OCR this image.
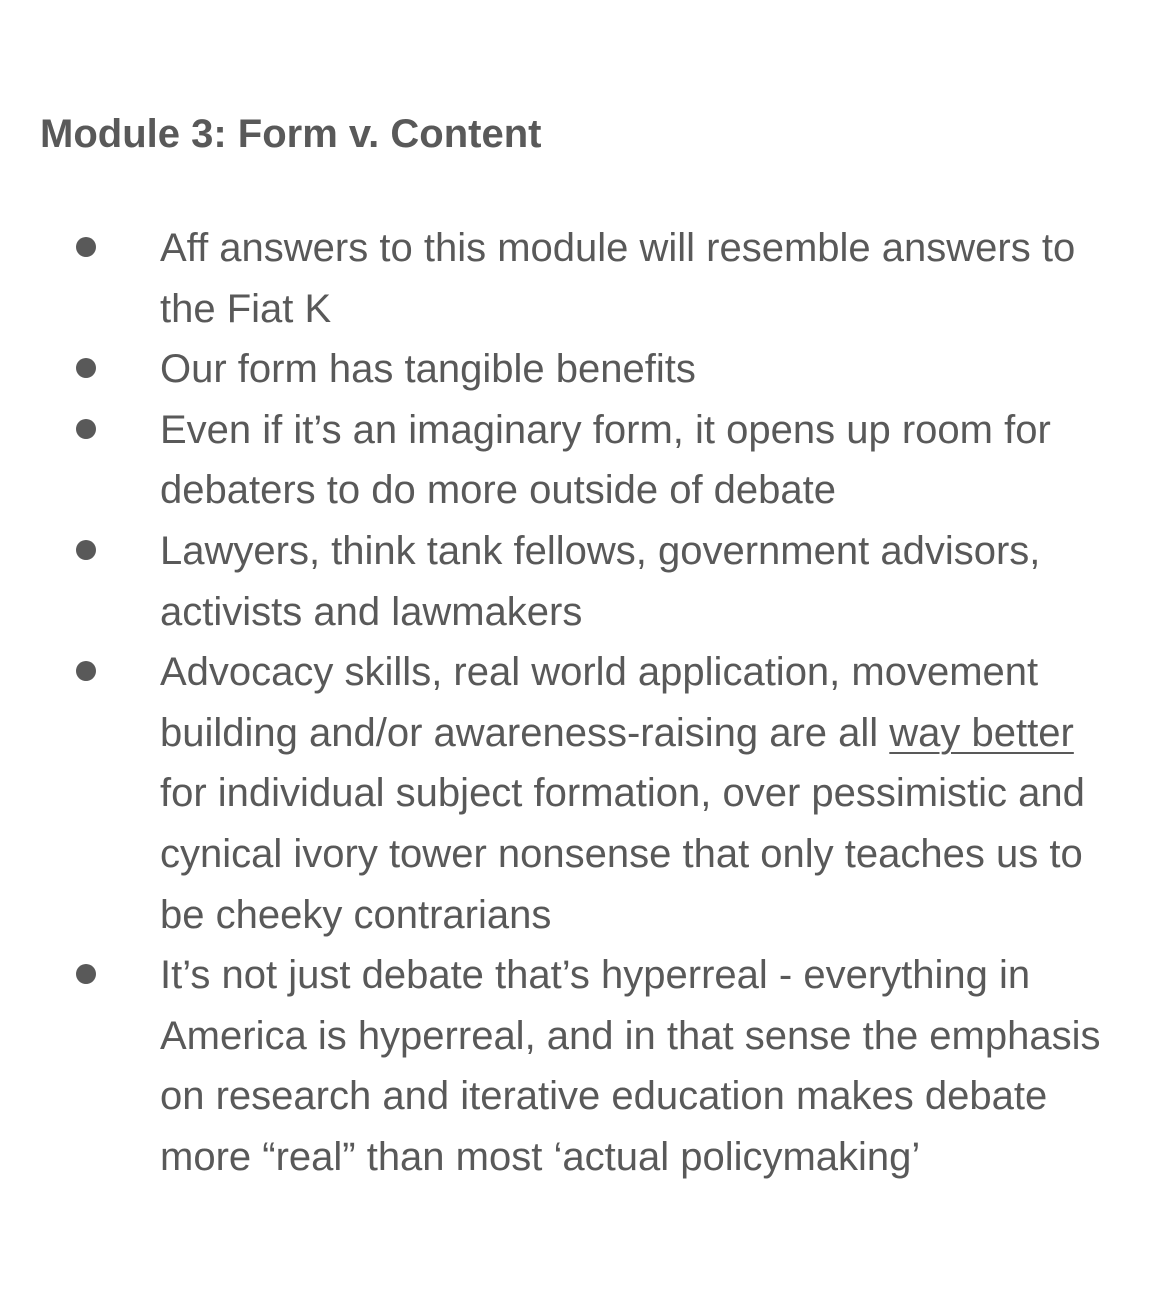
Module 3: Form v. Content
Aff answers to this module will resemble answers to the Fiat K
Our form has tangible benefits
Even if it’s an imaginary form, it opens up room for debaters to do more outside of debate
Lawyers, think tank fellows, government advisors, activists and lawmakers
Advocacy skills, real world application, movement building and/or awareness-raising are all way better for individual subject formation, over pessimistic and cynical ivory tower nonsense that only teaches us to be cheeky contrarians
It’s not just debate that’s hyperreal - everything in America is hyperreal, and in that sense the emphasis on research and iterative education makes debate more “real” than most ‘actual policymaking’
